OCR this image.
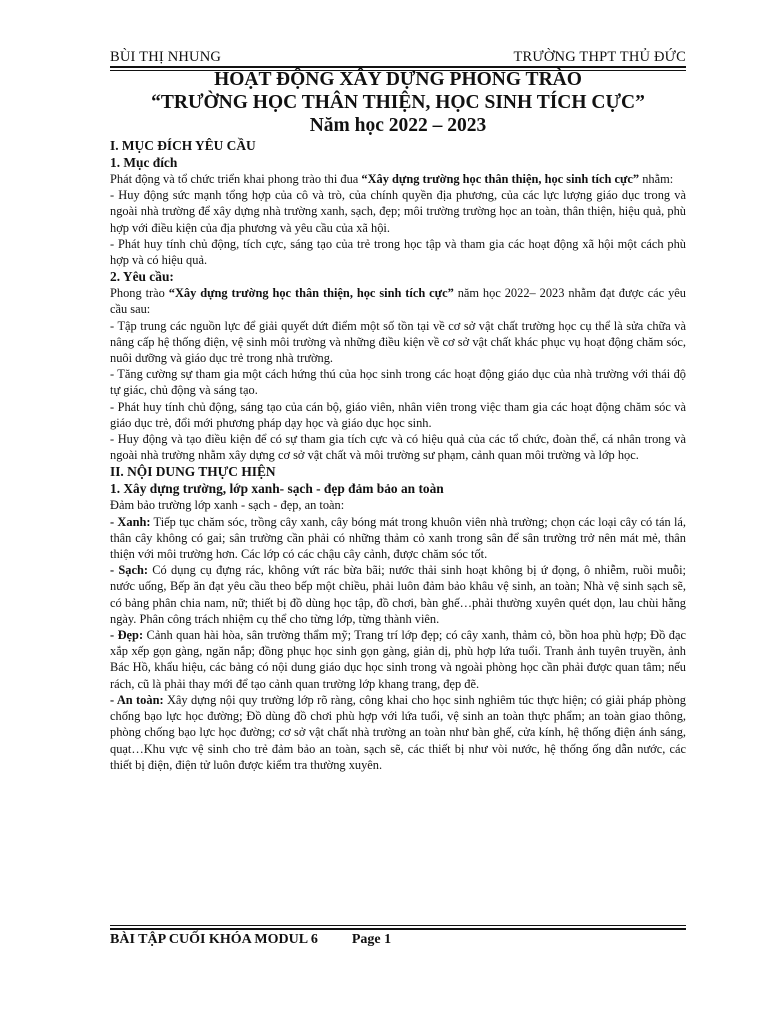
BÙI THỊ NHUNG	TRƯỜNG THPT THỦ ĐỨC
HOẠT ĐỘNG XÂY DỰNG PHONG TRÀO
“TRƯỜNG HỌC THÂN THIỆN, HỌC SINH TÍCH CỰC”
Năm học 2022 – 2023

I. MỤC ĐÍCH YÊU CẦU

1. Mục đích

Phát động và tổ chức triển khai phong trào thi đua “Xây dựng trường học thân thiện, học sinh tích cực” nhằm:

- Huy động sức mạnh tổng hợp của cô và trò, của chính quyền địa phương, của các lực lượng giáo dục trong và ngoài nhà trường để xây dựng nhà trường xanh, sạch, đẹp; môi trường trường học an toàn, thân thiện, hiệu quả, phù hợp với điều kiện của địa phương và yêu cầu của xã hội.

- Phát huy tính chủ động, tích cực, sáng tạo của trẻ trong học tập và tham gia các hoạt động xã hội một cách phù hợp và có hiệu quả.

2. Yêu cầu:

Phong trào “Xây dựng trường học thân thiện, học sinh tích cực” năm học 2022– 2023 nhằm đạt được các yêu cầu sau:

- Tập trung các nguồn lực để giải quyết dứt điểm một số tồn tại về cơ sở vật chất trường học cụ thể là sửa chữa và nâng cấp hệ thống điện, vệ sinh môi trường và những điều kiện về cơ sở vật chất khác phục vụ hoạt động chăm sóc, nuôi dưỡng và giáo dục trẻ trong nhà trường.

- Tăng cường sự tham gia một cách hứng thú của học sinh trong các hoạt động giáo dục của nhà trường với thái độ tự giác, chủ động và sáng tạo.

- Phát huy tính chủ động, sáng tạo của cán bộ, giáo viên, nhân viên trong việc tham gia các hoạt động chăm sóc và giáo dục trẻ, đổi mới phương pháp dạy học và giáo dục học sinh.

- Huy động và tạo điều kiện để có sự tham gia tích cực và có hiệu quả của các tổ chức, đoàn thể, cá nhân trong và ngoài nhà trường nhằm xây dựng cơ sở vật chất và môi trường sư phạm, cảnh quan môi trường và lớp học.

II. NỘI DUNG THỰC HIỆN

1. Xây dựng trường, lớp xanh- sạch - đẹp đảm bảo an toàn

Đảm bảo trường lớp xanh - sạch - đẹp, an toàn:

- Xanh: Tiếp tục chăm sóc, trồng cây xanh, cây bóng mát trong khuôn viên nhà trường; chọn các loại cây có tán lá, thân cây không có gai; sân trường cần phải có những thảm cỏ xanh trong sân để sân trường trở nên mát mẻ, thân thiện với môi trường hơn. Các lớp có các chậu cây cảnh, được chăm sóc tốt.

- Sạch: Có dụng cụ đựng rác, không vứt rác bừa bãi; nước thải sinh hoạt không bị ứ đọng, ô nhiễm, ruồi muỗi; nước uống, Bếp ăn đạt yêu cầu theo bếp một chiều, phải luôn đảm bảo khâu vệ sinh, an toàn; Nhà vệ sinh sạch sẽ, có bảng phân chia nam, nữ; thiết bị đồ dùng học tập, đồ chơi, bàn ghế…phải thường xuyên quét dọn, lau chùi hằng ngày. Phân công trách nhiệm cụ thể cho từng lớp, từng thành viên.

- Đẹp: Cảnh quan hài hòa, sân trường thẩm mỹ; Trang trí lớp đẹp; có cây xanh, thảm cỏ, bồn hoa phù hợp; Đồ đạc xắp xếp gọn gàng, ngăn nắp; đồng phục học sinh gọn gàng, giản dị, phù hợp lứa tuổi. Tranh ảnh tuyên truyền, ảnh Bác Hồ, khẩu hiệu, các bảng có nội dung giáo dục học sinh trong và ngoài phòng học cần phải được quan tâm; nếu rách, cũ là phải thay mới để tạo cảnh quan trường lớp khang trang, đẹp đẽ.

- An toàn: Xây dựng nội quy trường lớp rõ ràng, công khai cho học sinh nghiêm túc thực hiện; có giải pháp phòng chống bạo lực học đường; Đồ dùng đồ chơi phù hợp với lứa tuổi, vệ sinh an toàn thực phẩm; an toàn giao thông, phòng chống bạo lực học đường; cơ sở vật chất nhà trường an toàn như bàn ghế, cửa kính, hệ thống điện ánh sáng, quạt…Khu vực vệ sinh cho trẻ đảm bảo an toàn, sạch sẽ, các thiết bị như vòi nước, hệ thống ống dẫn nước, các thiết bị điện, điện tử luôn được kiểm tra thường xuyên.

BÀI TẬP CUỐI KHÓA MODUL 6 Page 1
